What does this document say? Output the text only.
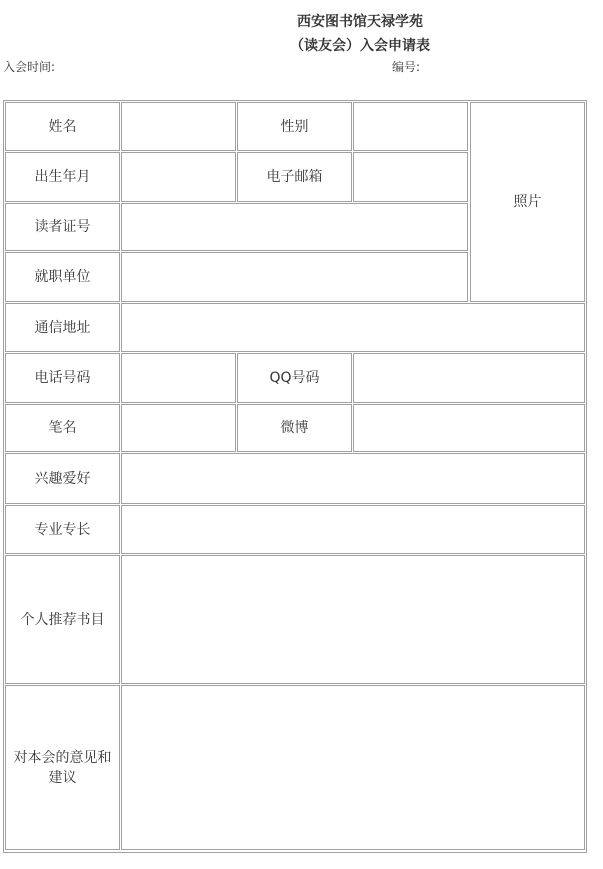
西安图书馆天禄学苑
（读友会）入会申请表
入会时间:	编号:
姓名	性别
照片
出生年月	电子邮箱
读者证号
就职单位
通信地址
电话号码	QQ号码
笔名	微博
兴趣爱好
专业专长
个人推荐书目
对本会的意见和建议
